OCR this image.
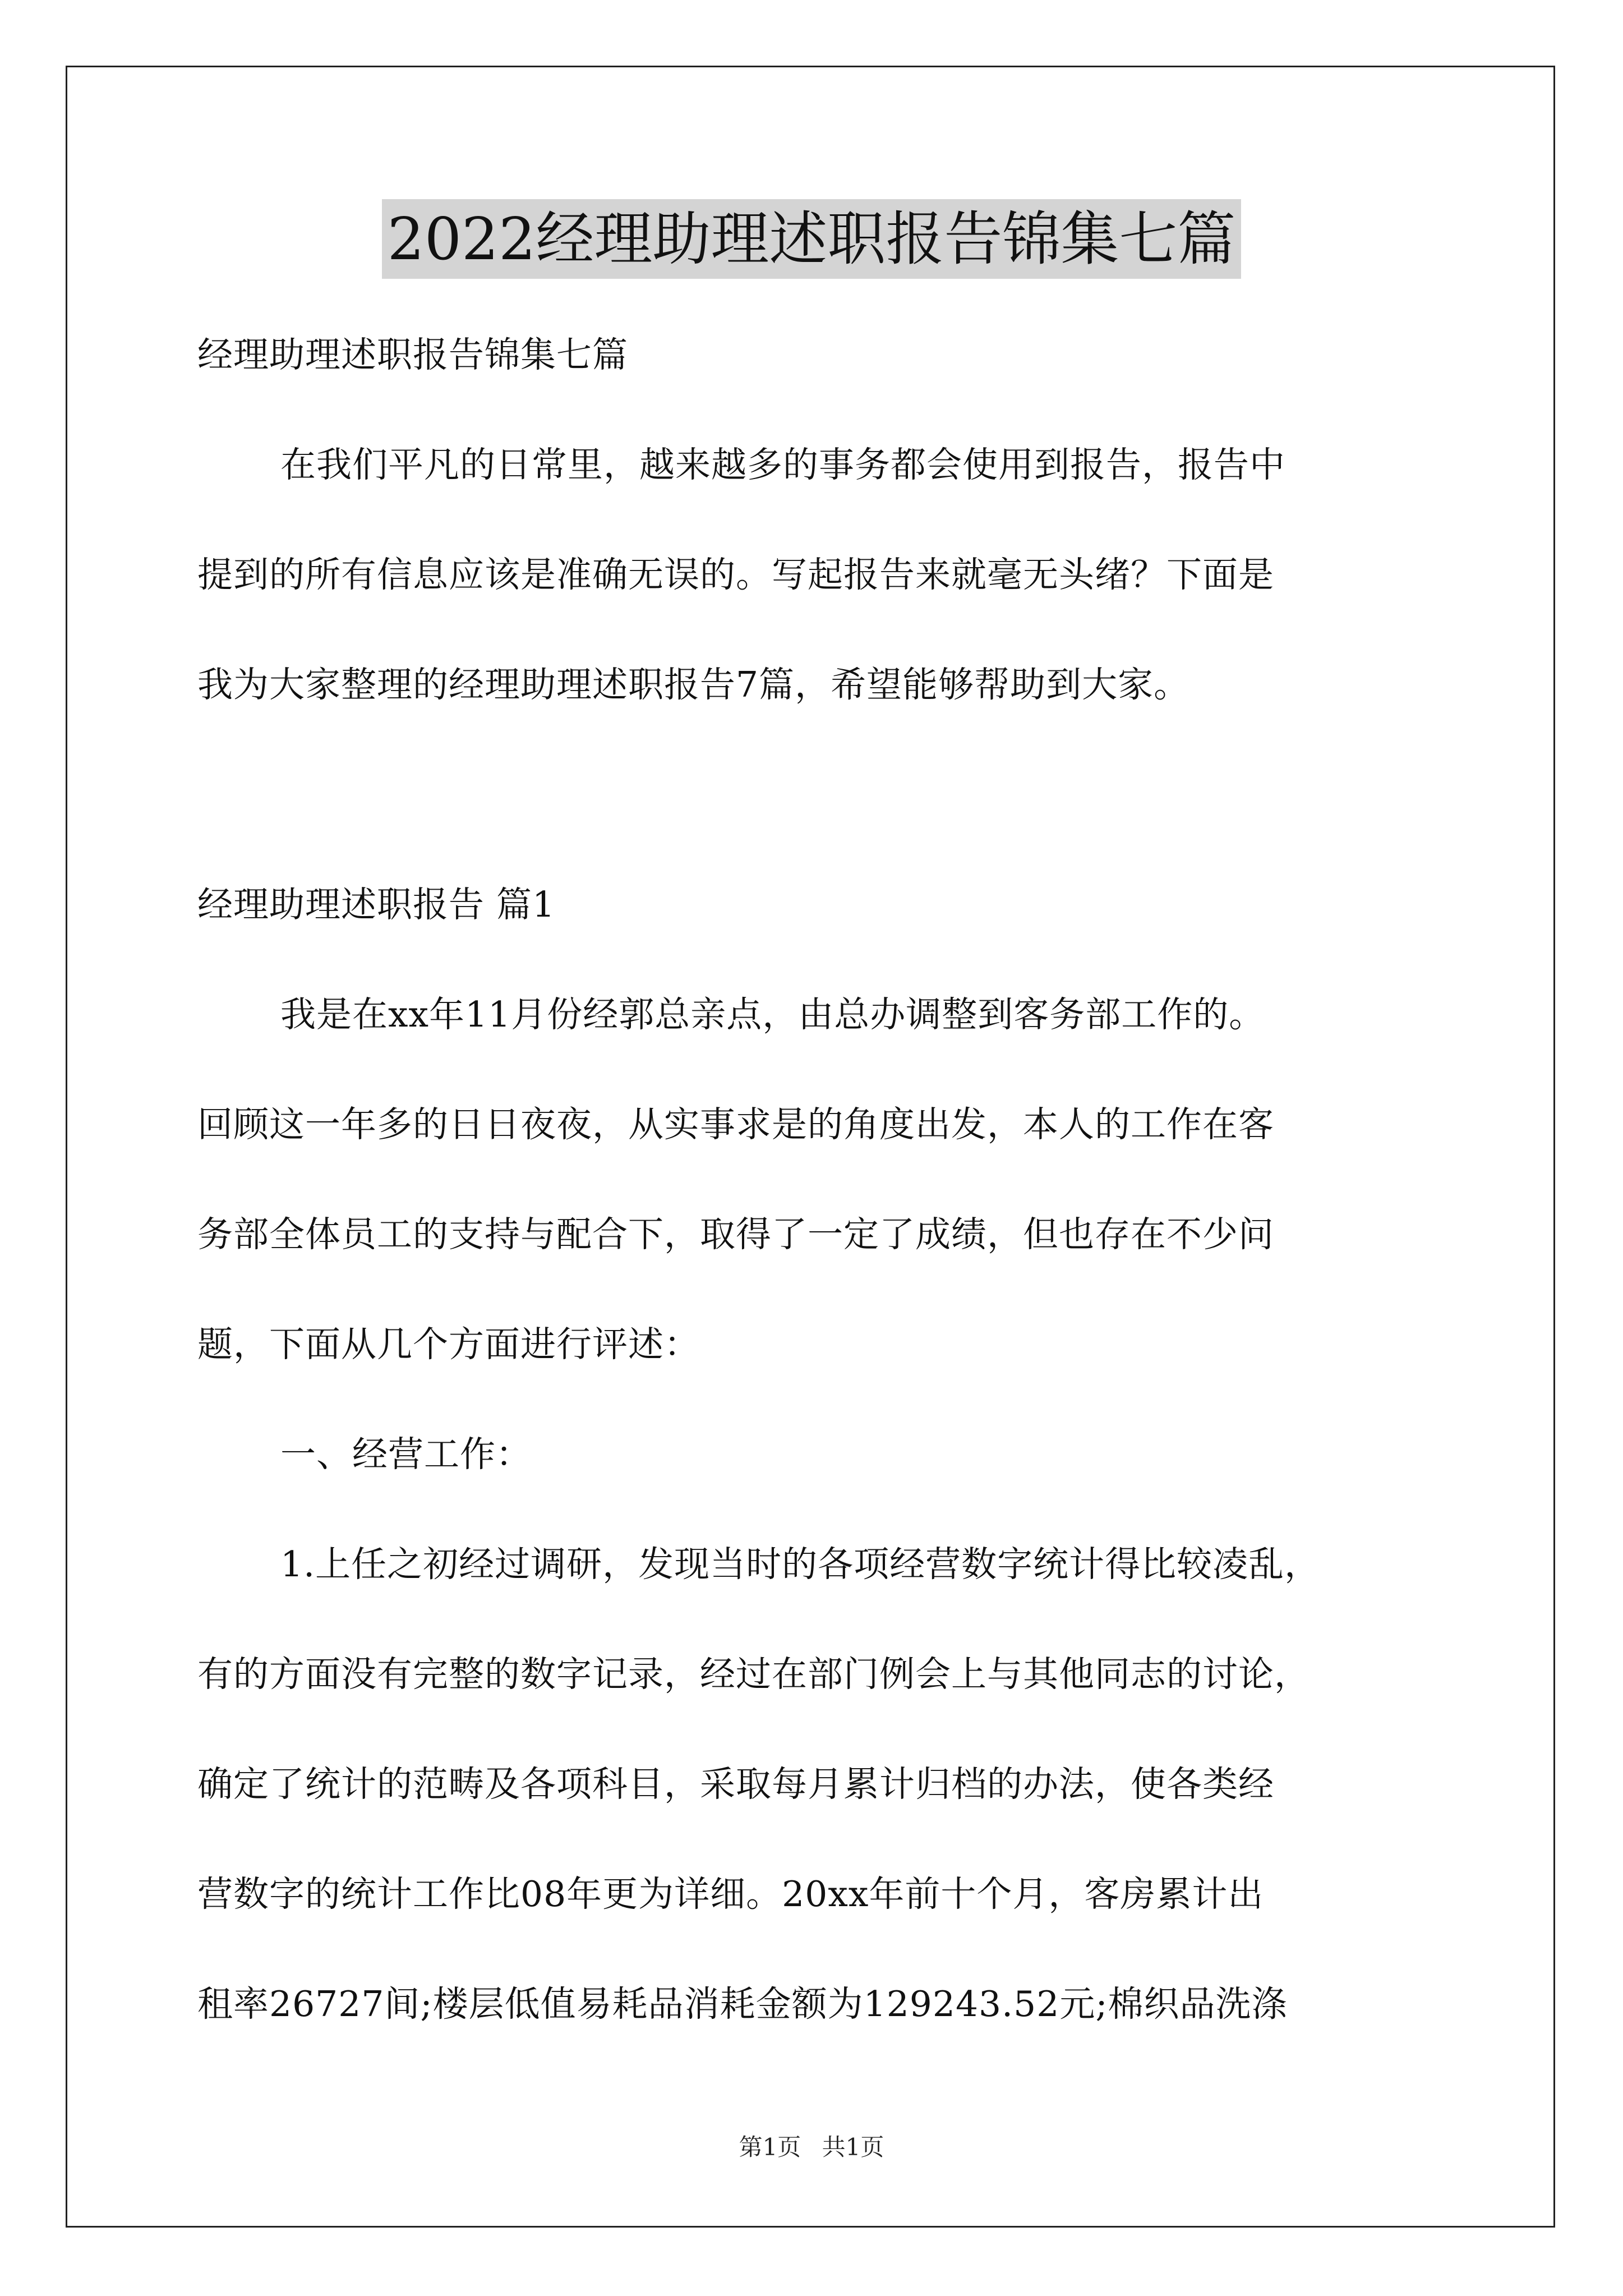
2022经理助理述职报告锦集七篇
经理助理述职报告锦集七篇
在我们平凡的日常里，越来越多的事务都会使用到报告，报告中
提到的所有信息应该是准确无误的。写起报告来就毫无头绪？下面是
我为大家整理的经理助理述职报告7篇，希望能够帮助到大家。
经理助理述职报告 篇1
我是在xx年11月份经郭总亲点，由总办调整到客务部工作的。
回顾这一年多的日日夜夜，从实事求是的角度出发，本人的工作在客
务部全体员工的支持与配合下，取得了一定了成绩，但也存在不少问
题，下面从几个方面进行评述：
一、经营工作：
1.上任之初经过调研，发现当时的各项经营数字统计得比较凌乱，
有的方面没有完整的数字记录，经过在部门例会上与其他同志的讨论，
确定了统计的范畴及各项科目，采取每月累计归档的办法，使各类经
营数字的统计工作比08年更为详细。20xx年前十个月，客房累计出
租率26727间;楼层低值易耗品消耗金额为129243.52元;棉织品洗涤
第1页 共1页
